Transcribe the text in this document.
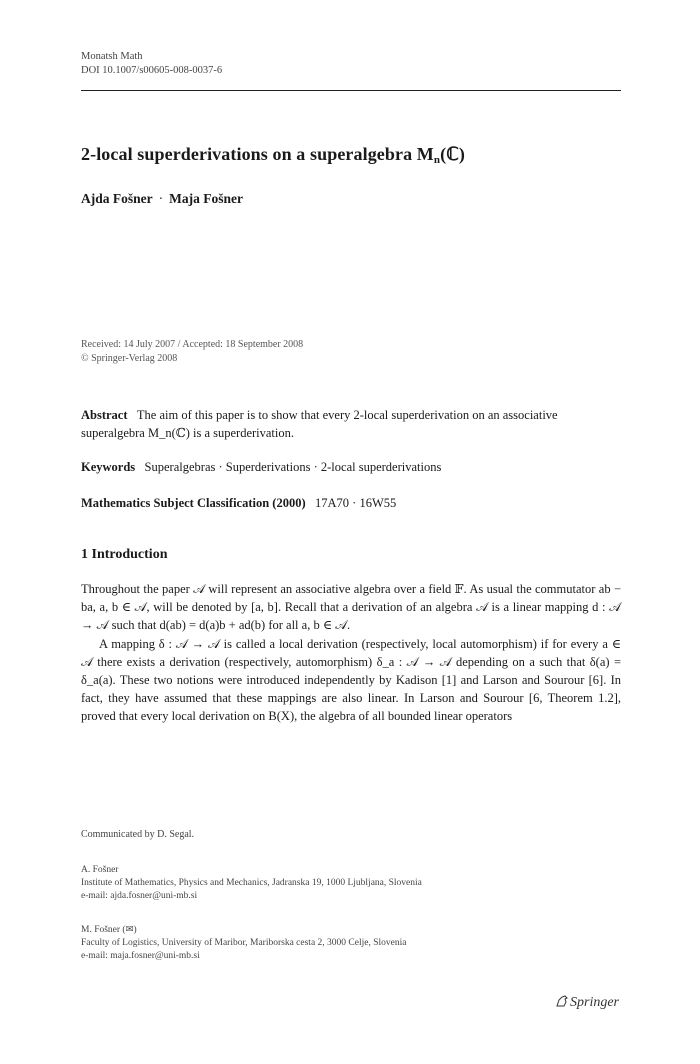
Monatsh Math
DOI 10.1007/s00605-008-0037-6
2-local superderivations on a superalgebra $M_n(ℂ)$
Ajda Fošner · Maja Fošner
Received: 14 July 2007 / Accepted: 18 September 2008
© Springer-Verlag 2008
Abstract The aim of this paper is to show that every 2-local superderivation on an associative superalgebra M_n(ℂ) is a superderivation.
Keywords Superalgebras · Superderivations · 2-local superderivations
Mathematics Subject Classification (2000) 17A70 · 16W55
1 Introduction

Throughout the paper 𝒜 will represent an associative algebra over a field 𝔽. As usual the commutator ab − ba, a, b ∈ 𝒜, will be denoted by [a, b]. Recall that a derivation of an algebra 𝒜 is a linear mapping d : 𝒜 → 𝒜 such that d(ab) = d(a)b + ad(b) for all a, b ∈ 𝒜.

A mapping δ : 𝒜 → 𝒜 is called a local derivation (respectively, local automorphism) if for every a ∈ 𝒜 there exists a derivation (respectively, automorphism) δ_a : 𝒜 → 𝒜 depending on a such that δ(a) = δ_a(a). These two notions were introduced independently by Kadison [1] and Larson and Sourour [6]. In fact, they have assumed that these mappings are also linear. In Larson and Sourour [6, Theorem 1.2], proved that every local derivation on B(X), the algebra of all bounded linear operators

Communicated by D. Segal.
A. Fošner
Institute of Mathematics, Physics and Mechanics, Jadranska 19, 1000 Ljubljana, Slovenia
e-mail: ajda.fosner@uni-mb.si
M. Fošner (✉)
Faculty of Logistics, University of Maribor, Mariborska cesta 2, 3000 Celje, Slovenia
e-mail: maja.fosner@uni-mb.si
Springer
